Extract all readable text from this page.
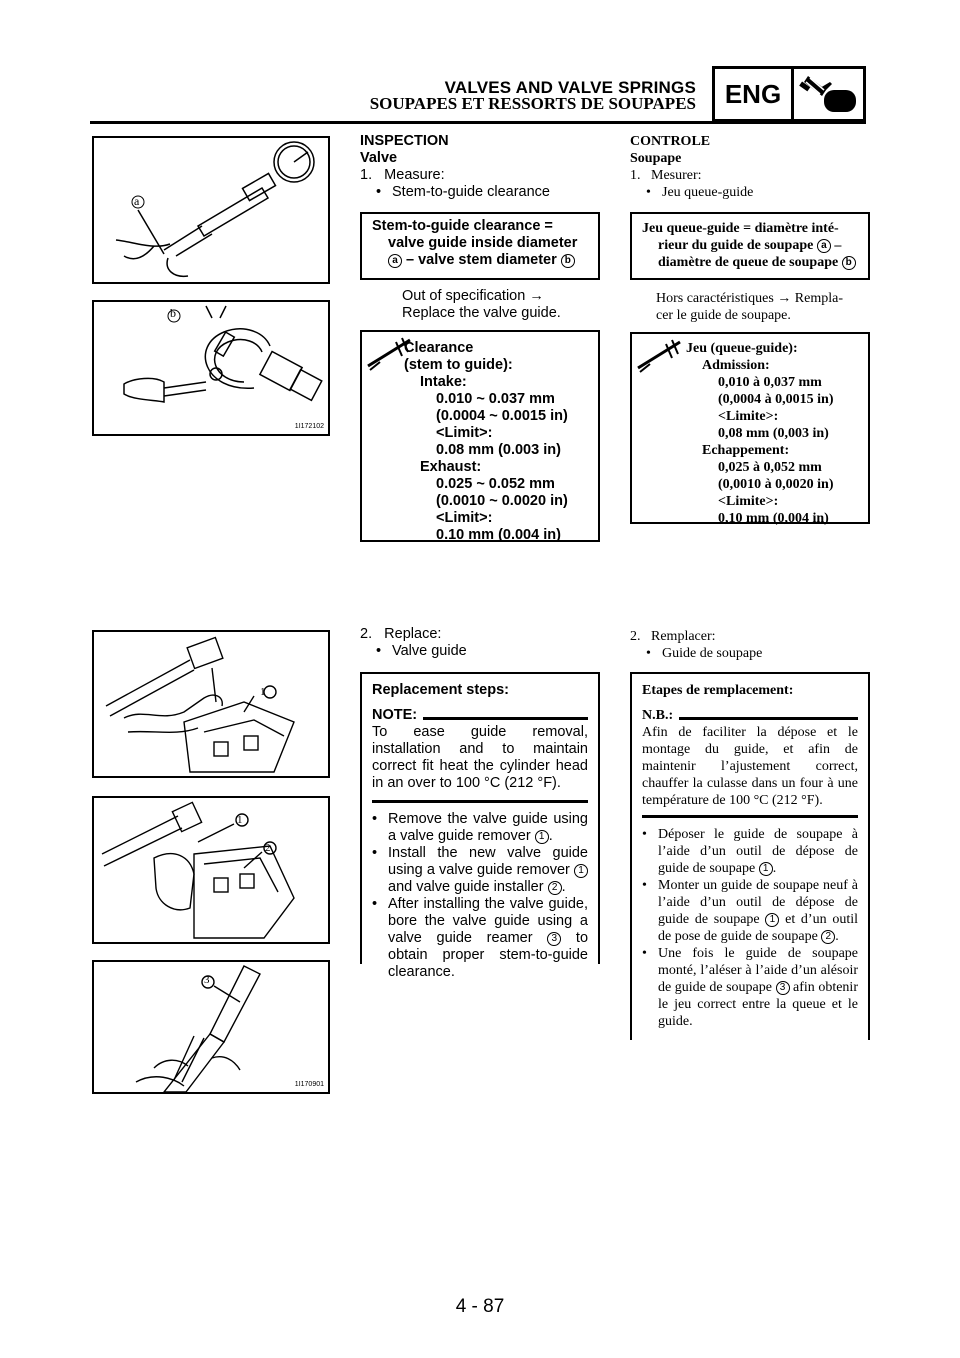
VALVES AND VALVE SPRINGS
SOUPAPES ET RESSORTS DE SOUPAPES	ENG
a
b
1I172102
1
1
2
3
1I170901
INSPECTION
Valve
1.   Measure:
• Stem-to-guide clearance
Stem-to-guide clearance =
valve guide inside diameter
a – valve stem diameter b
Out of specification →
Replace the valve guide.
Clearance
(stem to guide):
Intake:
0.010 ~ 0.037 mm
(0.0004 ~ 0.0015 in)
<Limit>:
0.08 mm (0.003 in)
Exhaust:
0.025 ~ 0.052 mm
(0.0010 ~ 0.0020 in)
<Limit>:
0.10 mm (0.004 in)
2.   Replace:
• Valve guide
Replacement steps:
NOTE:
To ease guide removal, installation and to maintain correct fit heat the cylinder head in an over to 100 °C (212 °F).
• Remove the valve guide using a valve guide remover 1 .
• Install the new valve guide using a valve guide remover 1 and valve guide installer 2 .
• After installing the valve guide, bore the valve guide using a valve guide reamer 3 to obtain proper stem-to-guide clearance.
CONTROLE
Soupape
1.   Mesurer:
• Jeu queue-guide
Jeu queue-guide = diamètre inté-
rieur du guide de soupape a –
diamètre de queue de soupape b
Hors caractéristiques → Rempla-
cer le guide de soupape.
Jeu (queue-guide):
Admission:
0,010 à 0,037 mm
(0,0004 à 0,0015 in)
<Limite>:
0,08 mm (0,003 in)
Echappement:
0,025 à 0,052 mm
(0,0010 à 0,0020 in)
<Limite>:
0,10 mm (0,004 in)
2.   Remplacer:
• Guide de soupape
Etapes de remplacement:
N.B.:
Afin de faciliter la dépose et le montage du guide, et afin de maintenir l’ajustement correct, chauffer la culasse dans un four à une température de 100 °C (212 °F).
• Déposer le guide de soupape à l’aide d’un outil de dépose de guide de soupape 1 .
• Monter un guide de soupape neuf à l’aide d’un outil de dépose de guide de soupape 1 et d’un outil de pose de guide de soupape 2 .
• Une fois le guide de soupape monté, l’aléser à l’aide d’un alésoir de guide de soupape 3 afin obtenir le jeu correct entre la queue et le guide.
4 - 87
